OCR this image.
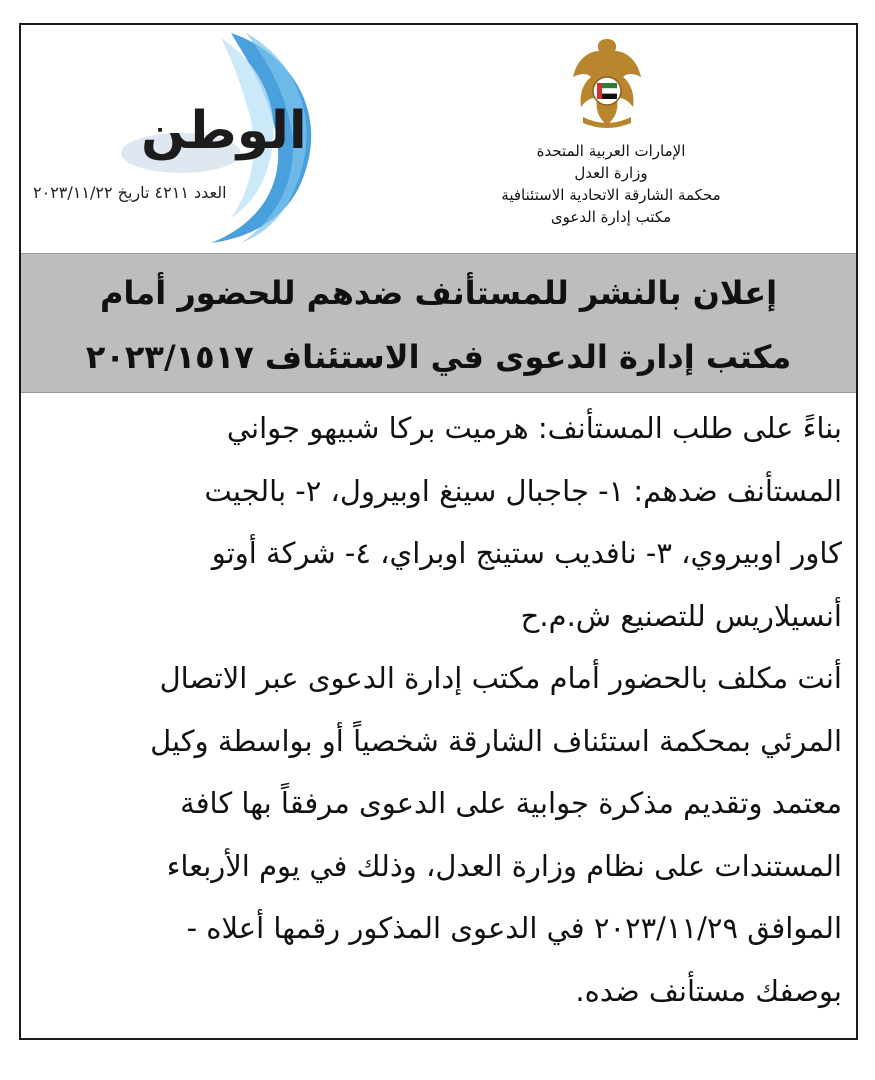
الوطن
العدد ٤٢١١ تاريخ ٢٠٢٣/١١/٢٢
الإمارات العربية المتحدة
وزارة العدل
محكمة الشارقة الاتحادية الاستئنافية
مكتب إدارة الدعوى
إعلان بالنشر للمستأنف ضدهم للحضور أمام
مكتب إدارة الدعوى في الاستئناف ٢٠٢٣/١٥١٧

بناءً على طلب المستأنف: هرميت بركا شبيهو جواني

المستأنف ضدهم: ١- جاجبال سينغ اوبيرول، ٢- بالجيت

كاور اوبيروي، ٣- نافديب ستينج اوبراي، ٤- شركة أوتو

أنسيلاريس للتصنيع ش.م.ح

أنت مكلف بالحضور أمام مكتب إدارة الدعوى عبر الاتصال

المرئي بمحكمة استئناف الشارقة شخصياً أو بواسطة وكيل

معتمد وتقديم مذكرة جوابية على الدعوى مرفقاً بها كافة

المستندات على نظام وزارة العدل، وذلك في يوم الأربعاء

الموافق ٢٠٢٣/١١/٢٩ في الدعوى المذكور رقمها أعلاه -

بوصفك مستأنف ضده.
